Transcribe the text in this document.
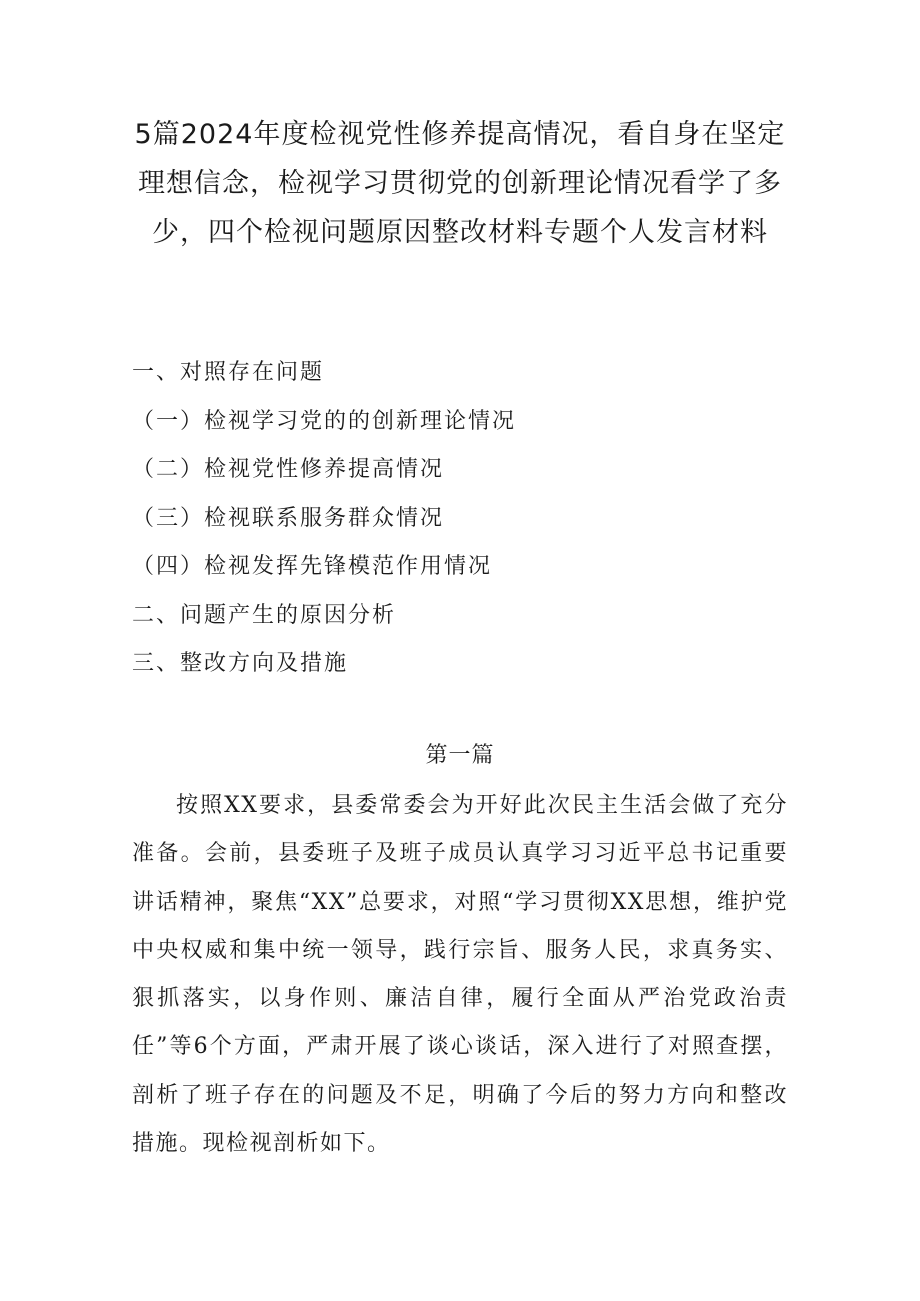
5篇2024年度检视党性修养提高情况，看自身在坚定理想信念，检视学习贯彻党的创新理论情况看学了多少，四个检视问题原因整改材料专题个人发言材料
一、对照存在问题
（一）检视学习党的的创新理论情况
（二）检视党性修养提高情况
（三）检视联系服务群众情况
（四）检视发挥先锋模范作用情况
二、问题产生的原因分析
三、整改方向及措施
第一篇

按照XX要求，县委常委会为开好此次民主生活会做了充分准备。会前，县委班子及班子成员认真学习习近平总书记重要讲话精神，聚焦“XX”总要求，对照“学习贯彻XX思想，维护党中央权威和集中统一领导，践行宗旨、服务人民，求真务实、狠抓落实，以身作则、廉洁自律，履行全面从严治党政治责任”等6个方面，严肃开展了谈心谈话，深入进行了对照查摆，剖析了班子存在的问题及不足，明确了今后的努力方向和整改措施。现检视剖析如下。
